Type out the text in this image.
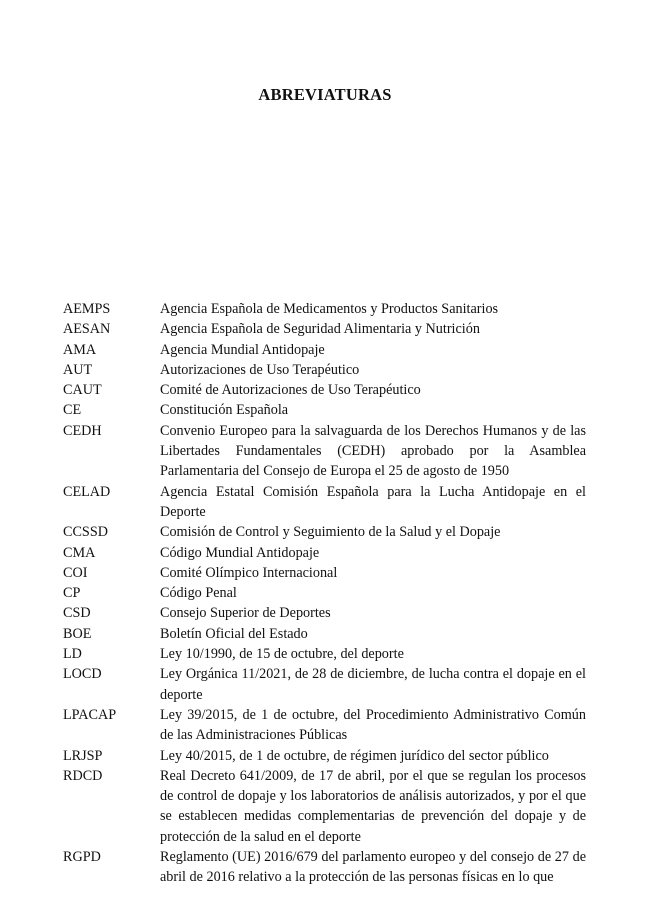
ABREVIATURAS
AEMPS	Agencia Española de Medicamentos y Productos Sanitarios
AESAN	Agencia Española de Seguridad Alimentaria y Nutrición
AMA	Agencia Mundial Antidopaje
AUT	Autorizaciones de Uso Terapéutico
CAUT	Comité de Autorizaciones de Uso Terapéutico
CE	Constitución Española
CEDH	Convenio Europeo para la salvaguarda de los Derechos Humanos y de las Libertades Fundamentales (CEDH) aprobado por la Asamblea Parlamentaria del Consejo de Europa el 25 de agosto de 1950
CELAD	Agencia Estatal Comisión Española para la Lucha Antidopaje en el Deporte
CCSSD	Comisión de Control y Seguimiento de la Salud y el Dopaje
CMA	Código Mundial Antidopaje
COI	Comité Olímpico Internacional
CP	Código Penal
CSD	Consejo Superior de Deportes
BOE	Boletín Oficial del Estado
LD	Ley 10/1990, de 15 de octubre, del deporte
LOCD	Ley Orgánica 11/2021, de 28 de diciembre, de lucha contra el dopaje en el deporte
LPACAP	Ley 39/2015, de 1 de octubre, del Procedimiento Administrativo Común de las Administraciones Públicas
LRJSP	Ley 40/2015, de 1 de octubre, de régimen jurídico del sector público
RDCD	Real Decreto 641/2009, de 17 de abril, por el que se regulan los procesos de control de dopaje y los laboratorios de análisis autorizados, y por el que se establecen medidas complementarias de prevención del dopaje y de protección de la salud en el deporte
RGPD	Reglamento (UE) 2016/679 del parlamento europeo y del consejo de 27 de abril de 2016 relativo a la protección de las personas físicas en lo que
